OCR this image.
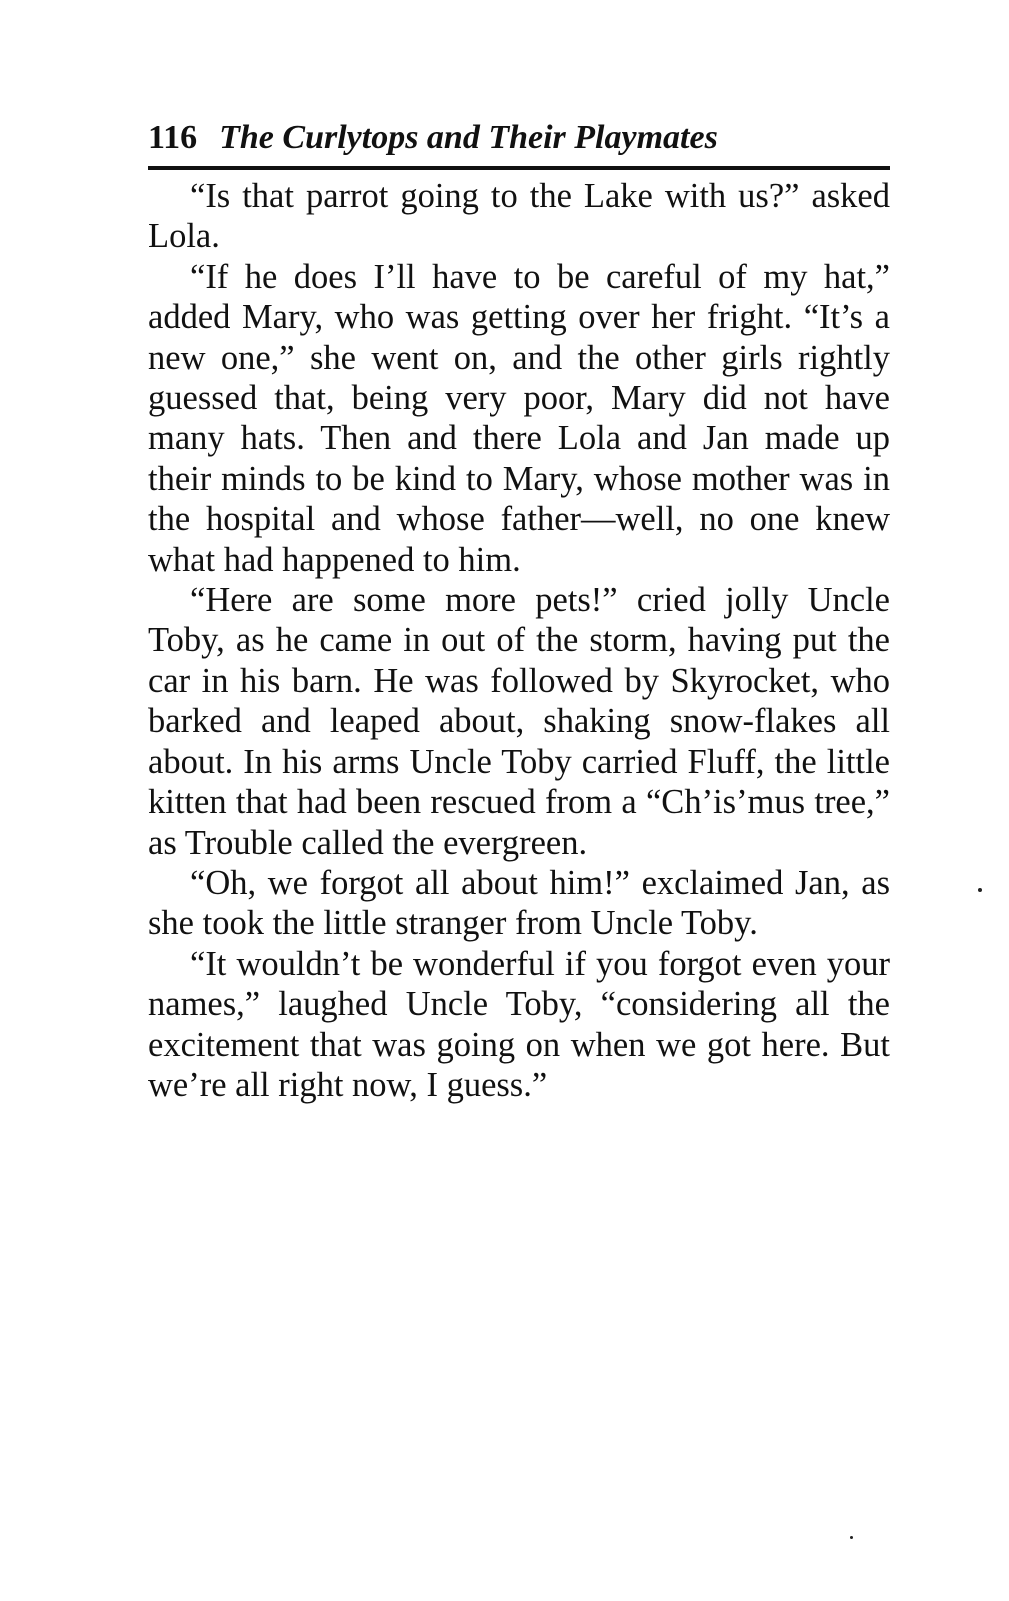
116 The Curlytops and Their Playmates

“Is that parrot going to the Lake with us?” asked Lola.

“If he does I’ll have to be careful of my hat,” added Mary, who was getting over her fright. “It’s a new one,” she went on, and the other girls rightly guessed that, being very poor, Mary did not have many hats. Then and there Lola and Jan made up their minds to be kind to Mary, whose mother was in the hospital and whose father—well, no one knew what had happened to him.

“Here are some more pets!” cried jolly Uncle Toby, as he came in out of the storm, having put the car in his barn. He was followed by Skyrocket, who barked and leaped about, shaking snow-flakes all about. In his arms Uncle Toby carried Fluff, the little kitten that had been rescued from a “Ch’is’mus tree,” as Trouble called the evergreen.

“Oh, we forgot all about him!” exclaimed Jan, as she took the little stranger from Uncle Toby.

“It wouldn’t be wonderful if you forgot even your names,” laughed Uncle Toby, “considering all the excitement that was going on when we got here. But we’re all right now, I guess.”
